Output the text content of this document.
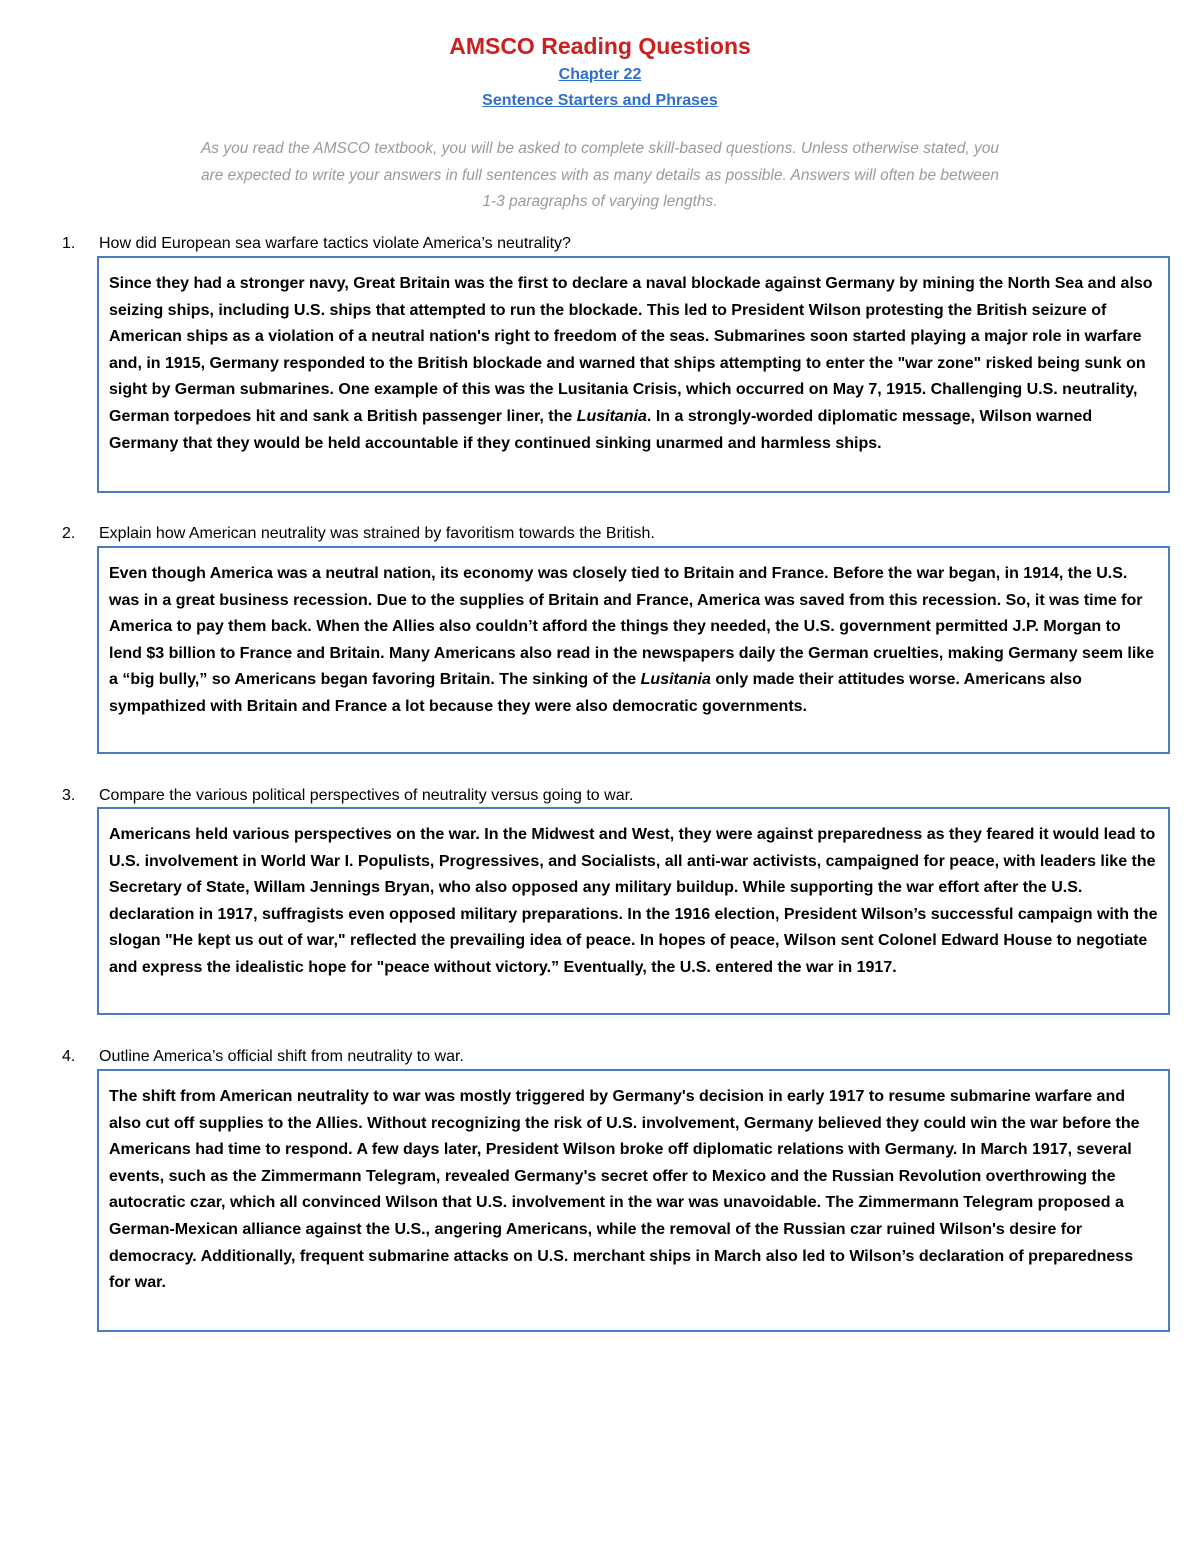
AMSCO Reading Questions
Chapter 22
Sentence Starters and Phrases
As you read the AMSCO textbook, you will be asked to complete skill-based questions. Unless otherwise stated, you are expected to write your answers in full sentences with as many details as possible. Answers will often be between 1-3 paragraphs of varying lengths.
1. How did European sea warfare tactics violate America’s neutrality?
Since they had a stronger navy, Great Britain was the first to declare a naval blockade against Germany by mining the North Sea and also seizing ships, including U.S. ships that attempted to run the blockade. This led to President Wilson protesting the British seizure of American ships as a violation of a neutral nation's right to freedom of the seas. Submarines soon started playing a major role in warfare and, in 1915, Germany responded to the British blockade and warned that ships attempting to enter the "war zone" risked being sunk on sight by German submarines. One example of this was the Lusitania Crisis, which occurred on May 7, 1915. Challenging U.S. neutrality, German torpedoes hit and sank a British passenger liner, the Lusitania. In a strongly-worded diplomatic message, Wilson warned Germany that they would be held accountable if they continued sinking unarmed and harmless ships.
2. Explain how American neutrality was strained by favoritism towards the British.
Even though America was a neutral nation, its economy was closely tied to Britain and France. Before the war began, in 1914, the U.S. was in a great business recession. Due to the supplies of Britain and France, America was saved from this recession. So, it was time for America to pay them back. When the Allies also couldn’t afford the things they needed, the U.S. government permitted J.P. Morgan to lend $3 billion to France and Britain. Many Americans also read in the newspapers daily the German cruelties, making Germany seem like a “big bully,” so Americans began favoring Britain. The sinking of the Lusitania only made their attitudes worse. Americans also sympathized with Britain and France a lot because they were also democratic governments.
3. Compare the various political perspectives of neutrality versus going to war.
Americans held various perspectives on the war. In the Midwest and West, they were against preparedness as they feared it would lead to U.S. involvement in World War I. Populists, Progressives, and Socialists, all anti-war activists, campaigned for peace, with leaders like the Secretary of State, Willam Jennings Bryan, who also opposed any military buildup. While supporting the war effort after the U.S. declaration in 1917, suffragists even opposed military preparations. In the 1916 election, President Wilson’s successful campaign with the slogan "He kept us out of war," reflected the prevailing idea of peace. In hopes of peace, Wilson sent Colonel Edward House to negotiate and express the idealistic hope for "peace without victory.” Eventually, the U.S. entered the war in 1917.
4. Outline America’s official shift from neutrality to war.
The shift from American neutrality to war was mostly triggered by Germany's decision in early 1917 to resume submarine warfare and also cut off supplies to the Allies. Without recognizing the risk of U.S. involvement, Germany believed they could win the war before the Americans had time to respond. A few days later, President Wilson broke off diplomatic relations with Germany. In March 1917, several events, such as the Zimmermann Telegram, revealed Germany's secret offer to Mexico and the Russian Revolution overthrowing the autocratic czar, which all convinced Wilson that U.S. involvement in the war was unavoidable. The Zimmermann Telegram proposed a German-Mexican alliance against the U.S., angering Americans, while the removal of the Russian czar ruined Wilson's desire for democracy. Additionally, frequent submarine attacks on U.S. merchant ships in March also led to Wilson’s declaration of preparedness for war.
